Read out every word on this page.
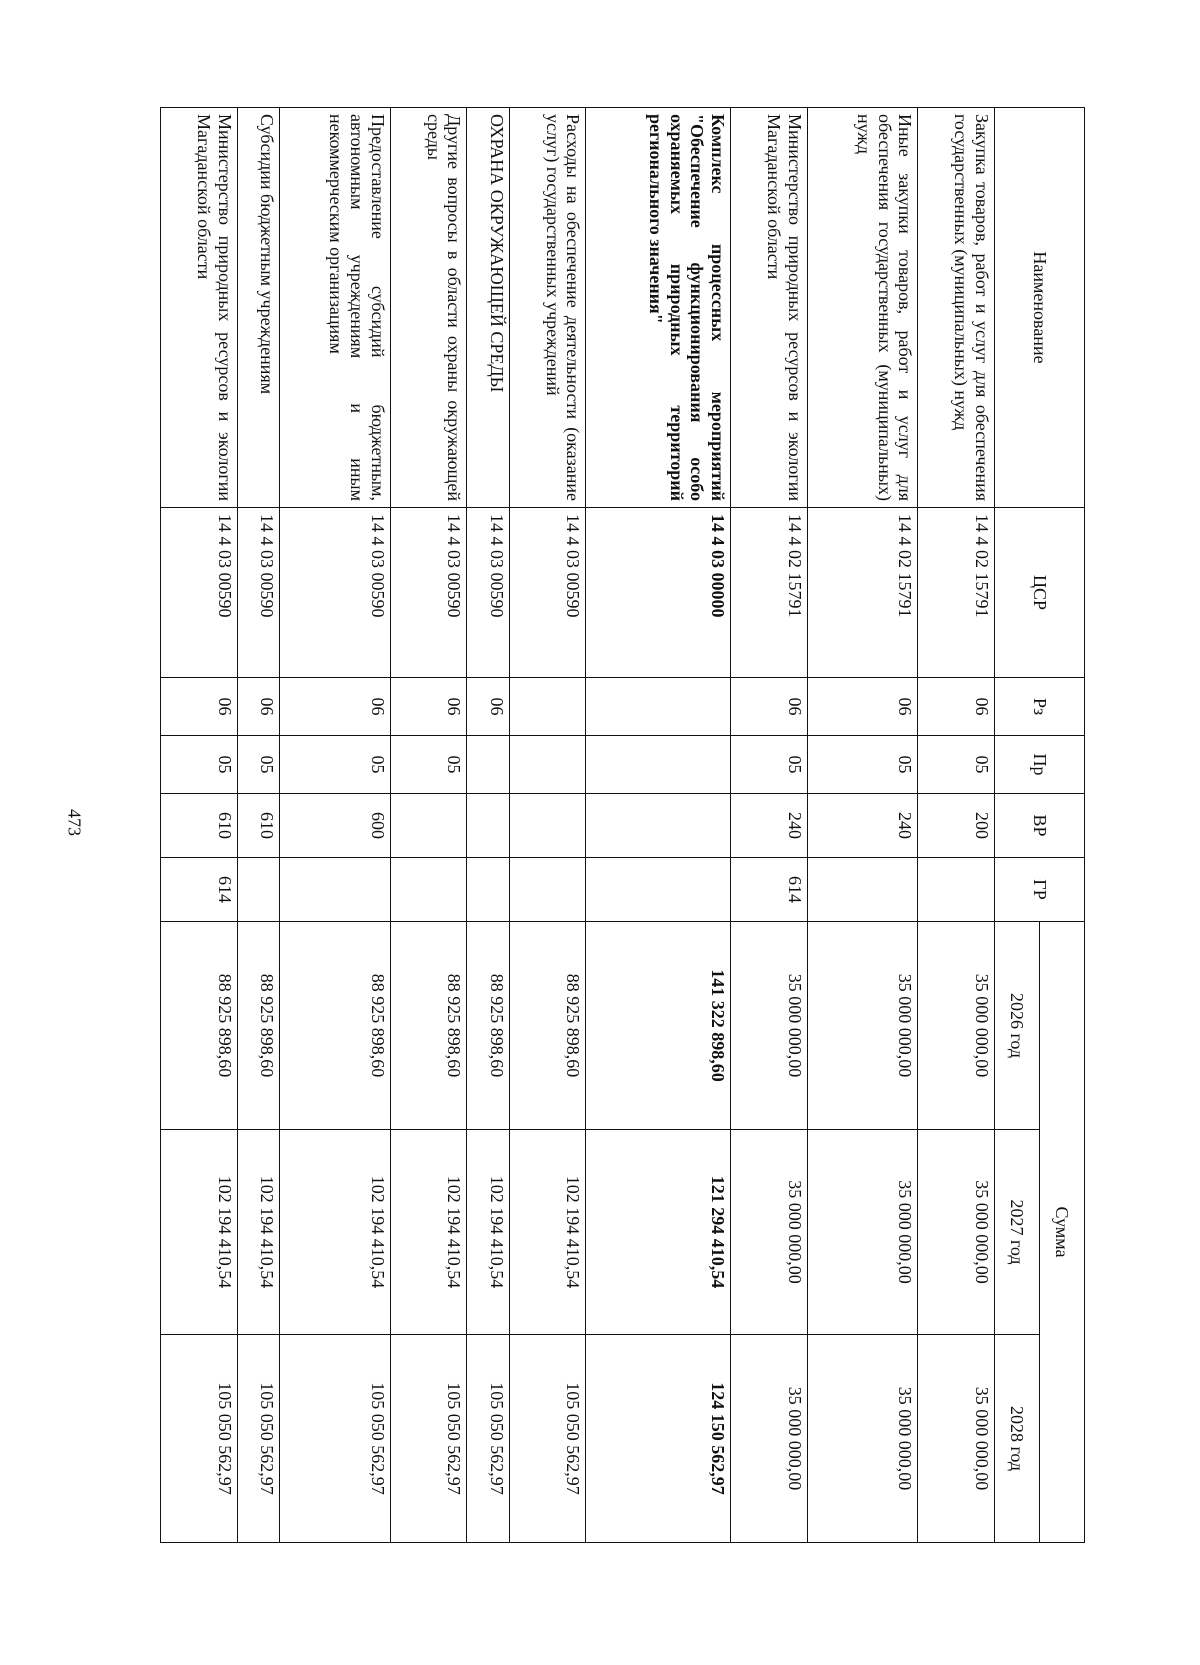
473
Наименование	ЦСР	Рз	Пр	ВР	ГР	Сумма		
						2026 год	2027 год	2028 год
Закупка товаров, работ и услуг для обеспечения государственных (муниципальных) нужд	14 4 02 15791	06	05	200		35 000 000,00	35 000 000,00	35 000 000,00
Иные закупки товаров, работ и услуг для обеспечения государственных (муниципальных) нужд	14 4 02 15791	06	05	240		35 000 000,00	35 000 000,00	35 000 000,00
Министерство природных ресурсов и экологии Магаданской области	14 4 02 15791	06	05	240	614	35 000 000,00	35 000 000,00	35 000 000,00
Комплекс процессных мероприятий "Обеспечение функционирования особо охраняемых природных территорий регионального значения"	14 4 03 00000					141 322 898,60	121 294 410,54	124 150 562,97
Расходы на обеспечение деятельности (оказание услуг) государственных учреждений	14 4 03 00590					88 925 898,60	102 194 410,54	105 050 562,97
ОХРАНА ОКРУЖАЮЩЕЙ СРЕДЫ	14 4 03 00590	06				88 925 898,60	102 194 410,54	105 050 562,97
Другие вопросы в области охраны окружающей среды	14 4 03 00590	06	05			88 925 898,60	102 194 410,54	105 050 562,97
Предоставление субсидий бюджетным, автономным учреждениям и иным некоммерческим организациям	14 4 03 00590	06	05	600		88 925 898,60	102 194 410,54	105 050 562,97
Субсидии бюджетным учреждениям	14 4 03 00590	06	05	610		88 925 898,60	102 194 410,54	105 050 562,97
Министерство природных ресурсов и экологии Магаданской области	14 4 03 00590	06	05	610	614	88 925 898,60	102 194 410,54	105 050 562,97
